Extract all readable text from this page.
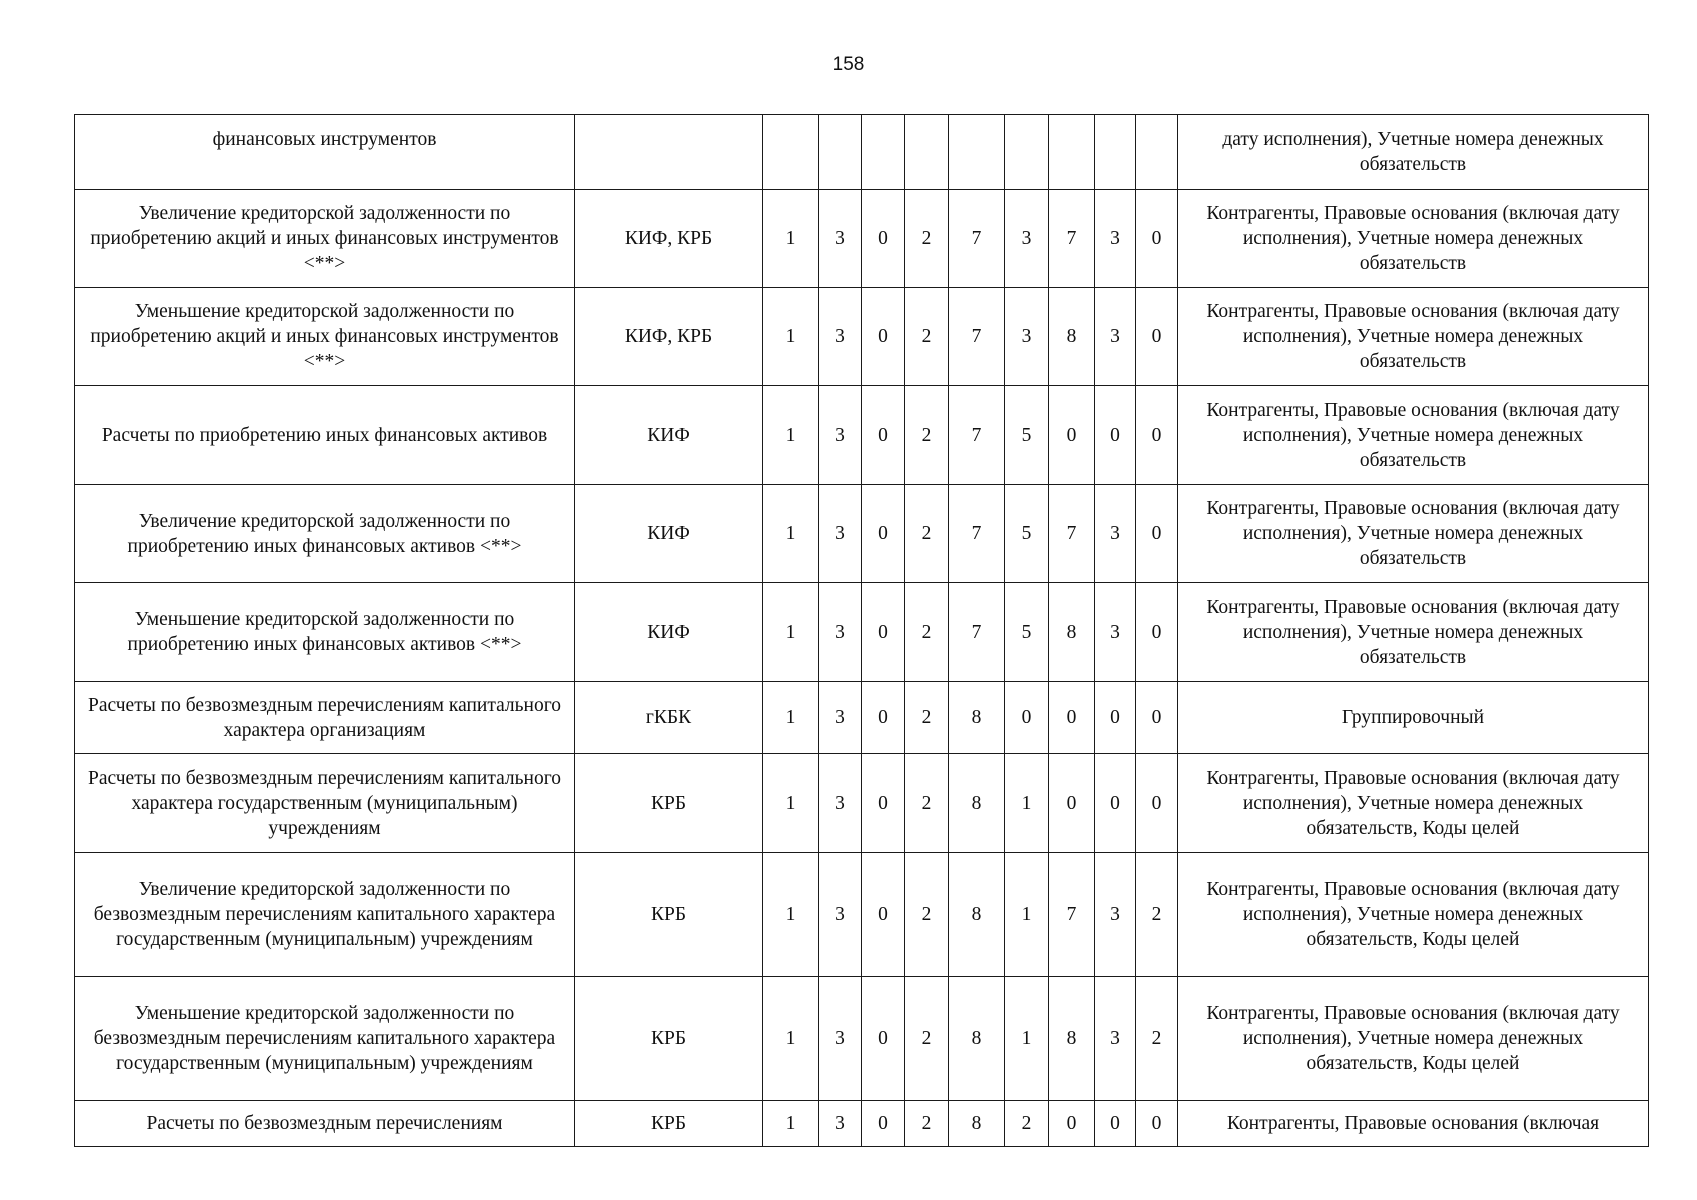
158
финансовых инструментов											дату исполнения), Учетные номера денежных обязательств
Увеличение кредиторской задолженности по приобретению акций и иных финансовых инструментов <**>	КИФ, КРБ	1	3	0	2	7	3	7	3	0	Контрагенты, Правовые основания (включая дату исполнения), Учетные номера денежных обязательств
Уменьшение кредиторской задолженности по приобретению акций и иных финансовых инструментов <**>	КИФ, КРБ	1	3	0	2	7	3	8	3	0	Контрагенты, Правовые основания (включая дату исполнения), Учетные номера денежных обязательств
Расчеты по приобретению иных финансовых активов	КИФ	1	3	0	2	7	5	0	0	0	Контрагенты, Правовые основания (включая дату исполнения), Учетные номера денежных обязательств
Увеличение кредиторской задолженности по приобретению иных финансовых активов <**>	КИФ	1	3	0	2	7	5	7	3	0	Контрагенты, Правовые основания (включая дату исполнения), Учетные номера денежных обязательств
Уменьшение кредиторской задолженности по приобретению иных финансовых активов <**>	КИФ	1	3	0	2	7	5	8	3	0	Контрагенты, Правовые основания (включая дату исполнения), Учетные номера денежных обязательств
Расчеты по безвозмездным перечислениям капитального характера организациям	гКБК	1	3	0	2	8	0	0	0	0	Группировочный
Расчеты по безвозмездным перечислениям капитального характера государственным (муниципальным) учреждениям	КРБ	1	3	0	2	8	1	0	0	0	Контрагенты, Правовые основания (включая дату исполнения), Учетные номера денежных обязательств, Коды целей
Увеличение кредиторской задолженности по безвозмездным перечислениям капитального характера государственным (муниципальным) учреждениям	КРБ	1	3	0	2	8	1	7	3	2	Контрагенты, Правовые основания (включая дату исполнения), Учетные номера денежных обязательств, Коды целей
Уменьшение кредиторской задолженности по безвозмездным перечислениям капитального характера государственным (муниципальным) учреждениям	КРБ	1	3	0	2	8	1	8	3	2	Контрагенты, Правовые основания (включая дату исполнения), Учетные номера денежных обязательств, Коды целей
Расчеты по безвозмездным перечислениям	КРБ	1	3	0	2	8	2	0	0	0	Контрагенты, Правовые основания (включая
